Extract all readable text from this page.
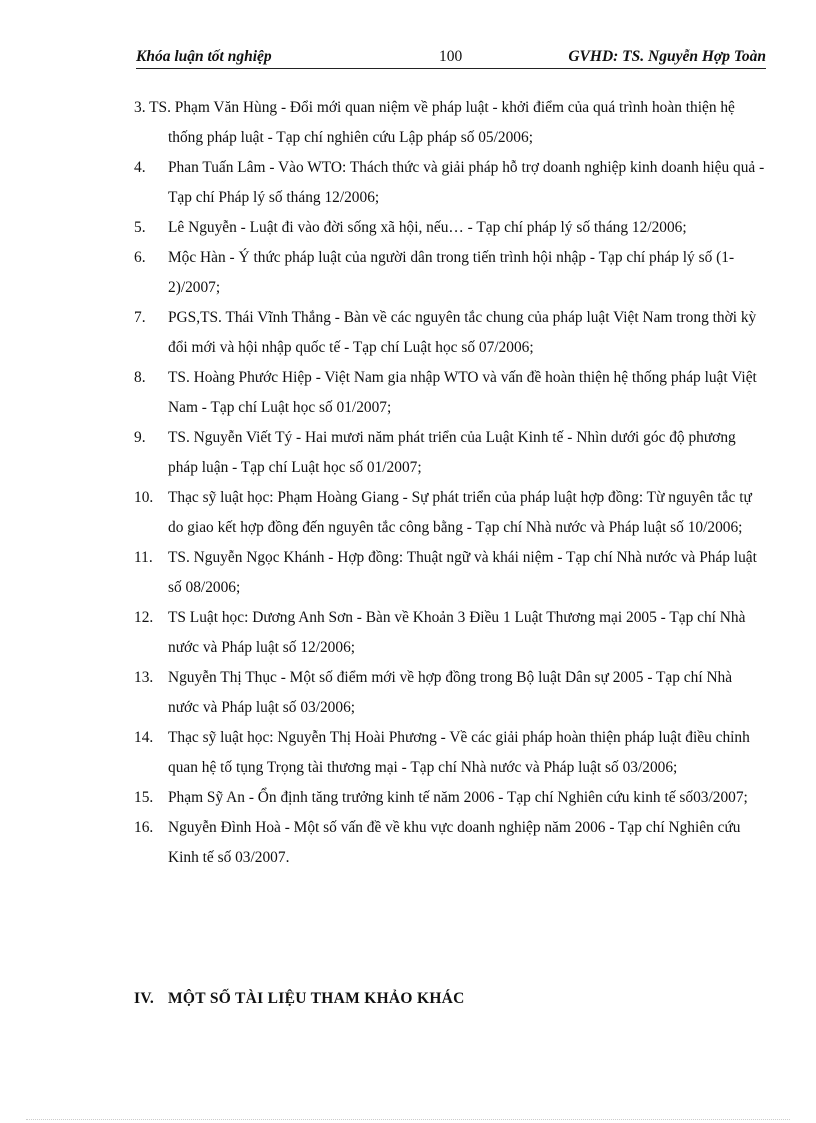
Khóa luận tốt nghiệp	100	GVHD: TS. Nguyễn Hợp Toàn
3. TS. Phạm Văn Hùng - Đổi mới quan niệm về pháp luật - khởi điểm của quá trình hoàn thiện hệ thống pháp luật - Tạp chí nghiên cứu Lập pháp số 05/2006;
4. Phan Tuấn Lâm - Vào WTO: Thách thức và giải pháp hỗ trợ doanh nghiệp kinh doanh hiệu quả -Tạp chí Pháp lý số tháng 12/2006;
5. Lê Nguyễn - Luật đi vào đời sống xã hội, nếu… - Tạp chí pháp lý số tháng 12/2006;
6. Mộc Hàn - Ý thức pháp luật của người dân trong tiến trình hội nhập - Tạp chí pháp lý số (1-2)/2007;
7. PGS,TS. Thái Vĩnh Thắng - Bàn về các nguyên tắc chung của pháp luật Việt Nam trong thời kỳ đổi mới và hội nhập quốc tế - Tạp chí Luật học số 07/2006;
8. TS. Hoàng Phước Hiệp - Việt Nam gia nhập WTO và vấn đề hoàn thiện hệ thống pháp luật Việt Nam - Tạp chí Luật học số 01/2007;
9. TS. Nguyễn Viết Tý - Hai mươi năm phát triển của Luật Kinh tế - Nhìn dưới góc độ phương pháp luận - Tạp chí Luật học số 01/2007;
10. Thạc sỹ luật học: Phạm Hoàng Giang - Sự phát triển của pháp luật hợp đồng: Từ nguyên tắc tự do giao kết hợp đồng đến nguyên tắc công bằng - Tạp chí Nhà nước và Pháp luật số 10/2006;
11. TS. Nguyễn Ngọc Khánh - Hợp đồng: Thuật ngữ và khái niệm - Tạp chí Nhà nước và Pháp luật số 08/2006;
12. TS Luật học: Dương Anh Sơn - Bàn về Khoản 3 Điều 1 Luật Thương mại 2005 - Tạp chí Nhà nước và Pháp luật số 12/2006;
13. Nguyễn Thị Thục - Một số điểm mới về hợp đồng trong Bộ luật Dân sự 2005 - Tạp chí Nhà nước và Pháp luật số 03/2006;
14. Thạc sỹ luật học: Nguyễn Thị Hoài Phương - Về các giải pháp hoàn thiện pháp luật điều chỉnh quan hệ tố tụng Trọng tài thương mại - Tạp chí Nhà nước và Pháp luật số 03/2006;
15. Phạm Sỹ An - Ổn định tăng trưởng kinh tế năm 2006 - Tạp chí Nghiên cứu kinh tế số03/2007;
16. Nguyễn Đình Hoà - Một số vấn đề về khu vực doanh nghiệp năm 2006 - Tạp chí Nghiên cứu Kinh tế số 03/2007.
IV. MỘT SỐ TÀI LIỆU THAM KHẢO KHÁC
